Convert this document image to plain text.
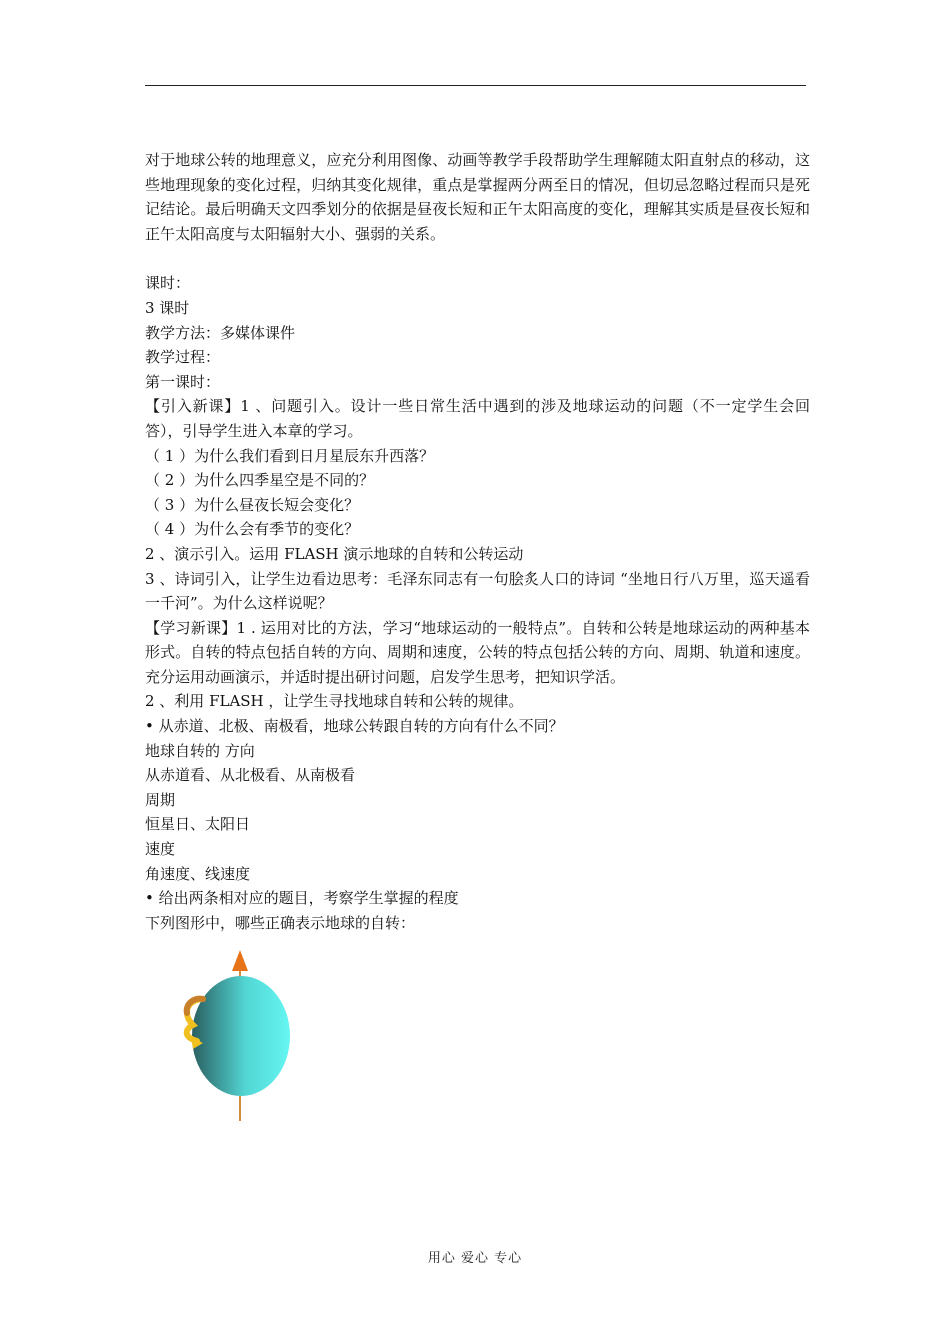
对于地球公转的地理意义，应充分利用图像、动画等教学手段帮助学生理解随太阳直射点的移动，这些地理现象的变化过程，归纳其变化规律，重点是掌握两分两至日的情况，但切忌忽略过程而只是死记结论。最后明确天文四季划分的依据是昼夜长短和正午太阳高度的变化，理解其实质是昼夜长短和正午太阳高度与太阳辐射大小、强弱的关系。

课时：

3 课时

教学方法：多媒体课件

教学过程：

第一课时：

【引入新课】1 、问题引入。设计一些日常生活中遇到的涉及地球运动的问题（不一定学生会回答），引导学生进入本章的学习。

（ 1 ）为什么我们看到日月星辰东升西落？

（ 2 ）为什么四季星空是不同的？

（ 3 ）为什么昼夜长短会变化？

（ 4 ）为什么会有季节的变化？

2 、演示引入。运用 FLASH 演示地球的自转和公转运动

3 、诗词引入，让学生边看边思考：毛泽东同志有一句脍炙人口的诗词 “坐地日行八万里，巡天遥看一千河”。为什么这样说呢？

【学习新课】1 . 运用对比的方法，学习“地球运动的一般特点”。自转和公转是地球运动的两种基本形式。自转的特点包括自转的方向、周期和速度，公转的特点包括公转的方向、周期、轨道和速度。充分运用动画演示，并适时提出研讨问题，启发学生思考，把知识学活。

2 、利用 FLASH ，让学生寻找地球自转和公转的规律。

• 从赤道、北极、南极看，地球公转跟自转的方向有什么不同？

地球自转的 方向

从赤道看、从北极看、从南极看

周期

恒星日、太阳日

速度

角速度、线速度

• 给出两条相对应的题目，考察学生掌握的程度

下列图形中，哪些正确表示地球的自转：

用心 爱心 专心
